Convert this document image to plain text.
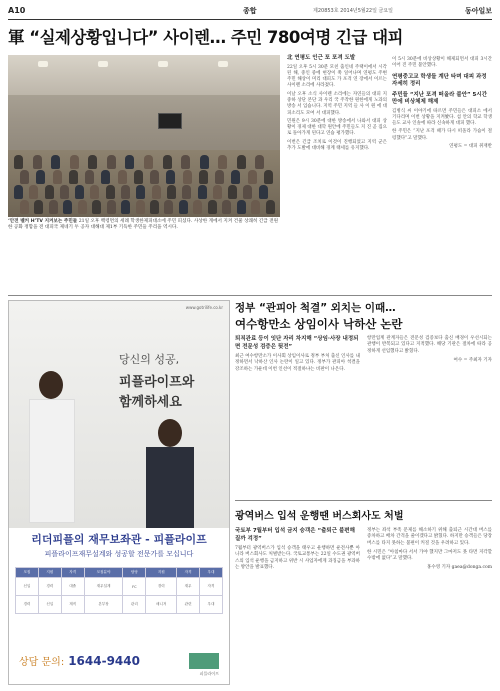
A10	종합	제20853호 2014년5월22일 금요일	동아일보
軍 “실제상황입니다” 사이렌… 주민 780여명 긴급 대피
‘안전 벨커 H’TV 지켜보는 주민들 21일 오후 백령면의 세례 학생한제피대소에 주민 피셨다. 사상한 게에서 지켜 건물 상쾌히 긴급 전원한 공화 정함을 전 대피국 제네기 두 공자 대해대 제1부 기득한 주민들 주리을 역시다.
北 연평도 인근 포 포격 도발

22일 오후 5시 30분 모친 출인네 주택이에서 시각된 해, 중인 중에 현장이 쭉 일어나며 연평도 주변 주민 해상이 미리 대피도 가 포격 연 장에서 이르는 사이렌 소리에 사라졌다.

이날 오후 소식 사이렌 소리에는 자연들의 대피 지중하 상단 본단 과 우리 국 주작한 원한에게 노과의 방송 서 입습니다. 지역 주민 지역 들 사 이 원 에 대피소리도 모여 서 대피했다.

민원은 9시 30분에 대한 방송에서 나와서 대피 상황이 경제 대한 대학 원안에 주민들도 지 진 곧 집으로 돌아가게 된다고 연습 평가했다.

이번은 긴급 조치로 이것이 진행되었고 지역 군은 추가 도발에 대비해 경계 태세를 유지했다.

이 5시 30분에 비상상황이 해제되면서 대피 3시간 이어 진 주민 불안했다.

연평중고교 학생들 계단 타며 대피 과정 자세히 정리
주민들 “지난 포격 떠올라 불안” 5시간 만에 비상체제 해제

김병식 씨 이야기에 따르면 주민들은 대피소 에서 기다리며 이번 상황을 지켜봤다. 섬 안의 학교 학생들도 교사 인솔에 따라 신속하게 대피 했다.

한 주민은 “지난 포격 때가 다시 떠올라 가슴이 철렁했다”고 말했다.

연평도 = 대피 취재반
www.gotrilife.co.kr
당신의 성공,
피플라이프와
함께하세요
리더피플의 재무보좌관 - 피플라이프
피플라이프재무설계와 성공할 전문가를 모십니다
모집	지원	자격	모집분야	담당	지원	자격	우대
신입	경력	대졸	재무설계	FC	경력	재무	자격
경력	신입	재직	본부장	관리	매니저	관련	우대
상담 문의: 1644-9440
피플라이프
정부 “관피아 척결” 외치는 이때…
여수항만소 상임이사 낙하산 논란
퇴직관료 등이 잇단 자리 차지해 “상임·사장 내정되면 전문성 검증은 뒷전”

최근 여수항만소가 이사회 상임이사로 정부 부처 출신 인사를 내정하면서 낙하산 인사 논란이 일고 있다. 정부가 관피아 척결을 강조하는 가운데 이번 인선이 적절하냐는 비판이 나온다.

항만업계 관계자들은 전문성 검증보다 출신 배경이 우선시되는 관행이 반복되고 있다고 지적했다. 해당 기관은 절차에 따라 공정하게 선임했다고 밝혔다.

여수 = 주최자 기자
광역버스 입석 운행땐 버스회사도 처벌
국토부 7월부터 입석 금지 승객은 “출퇴근 불편해질까 걱정”

7월부터 광역버스가 입석 승객을 태우고 운행하면 운전사뿐 아니라 버스회사도 처벌받는다. 국토교통부는 22일 수도권 광역버스의 입석 운행을 금지하고 위반 시 사업자에게 과징금을 부과하는 방안을 발표했다.

정부는 좌석 부족 문제를 해소하기 위해 출퇴근 시간대 버스를 증차하고 배차 간격을 줄이겠다고 밝혔다. 하지만 승객들은 당장 버스를 타지 못하는 불편이 커질 것을 우려하고 있다.

한 시민은 “아침마다 서서 가야 했지만 그마저도 못 타면 지각할 수밖에 없다”고 말했다.

홍수영 기자 gaea@donga.com
